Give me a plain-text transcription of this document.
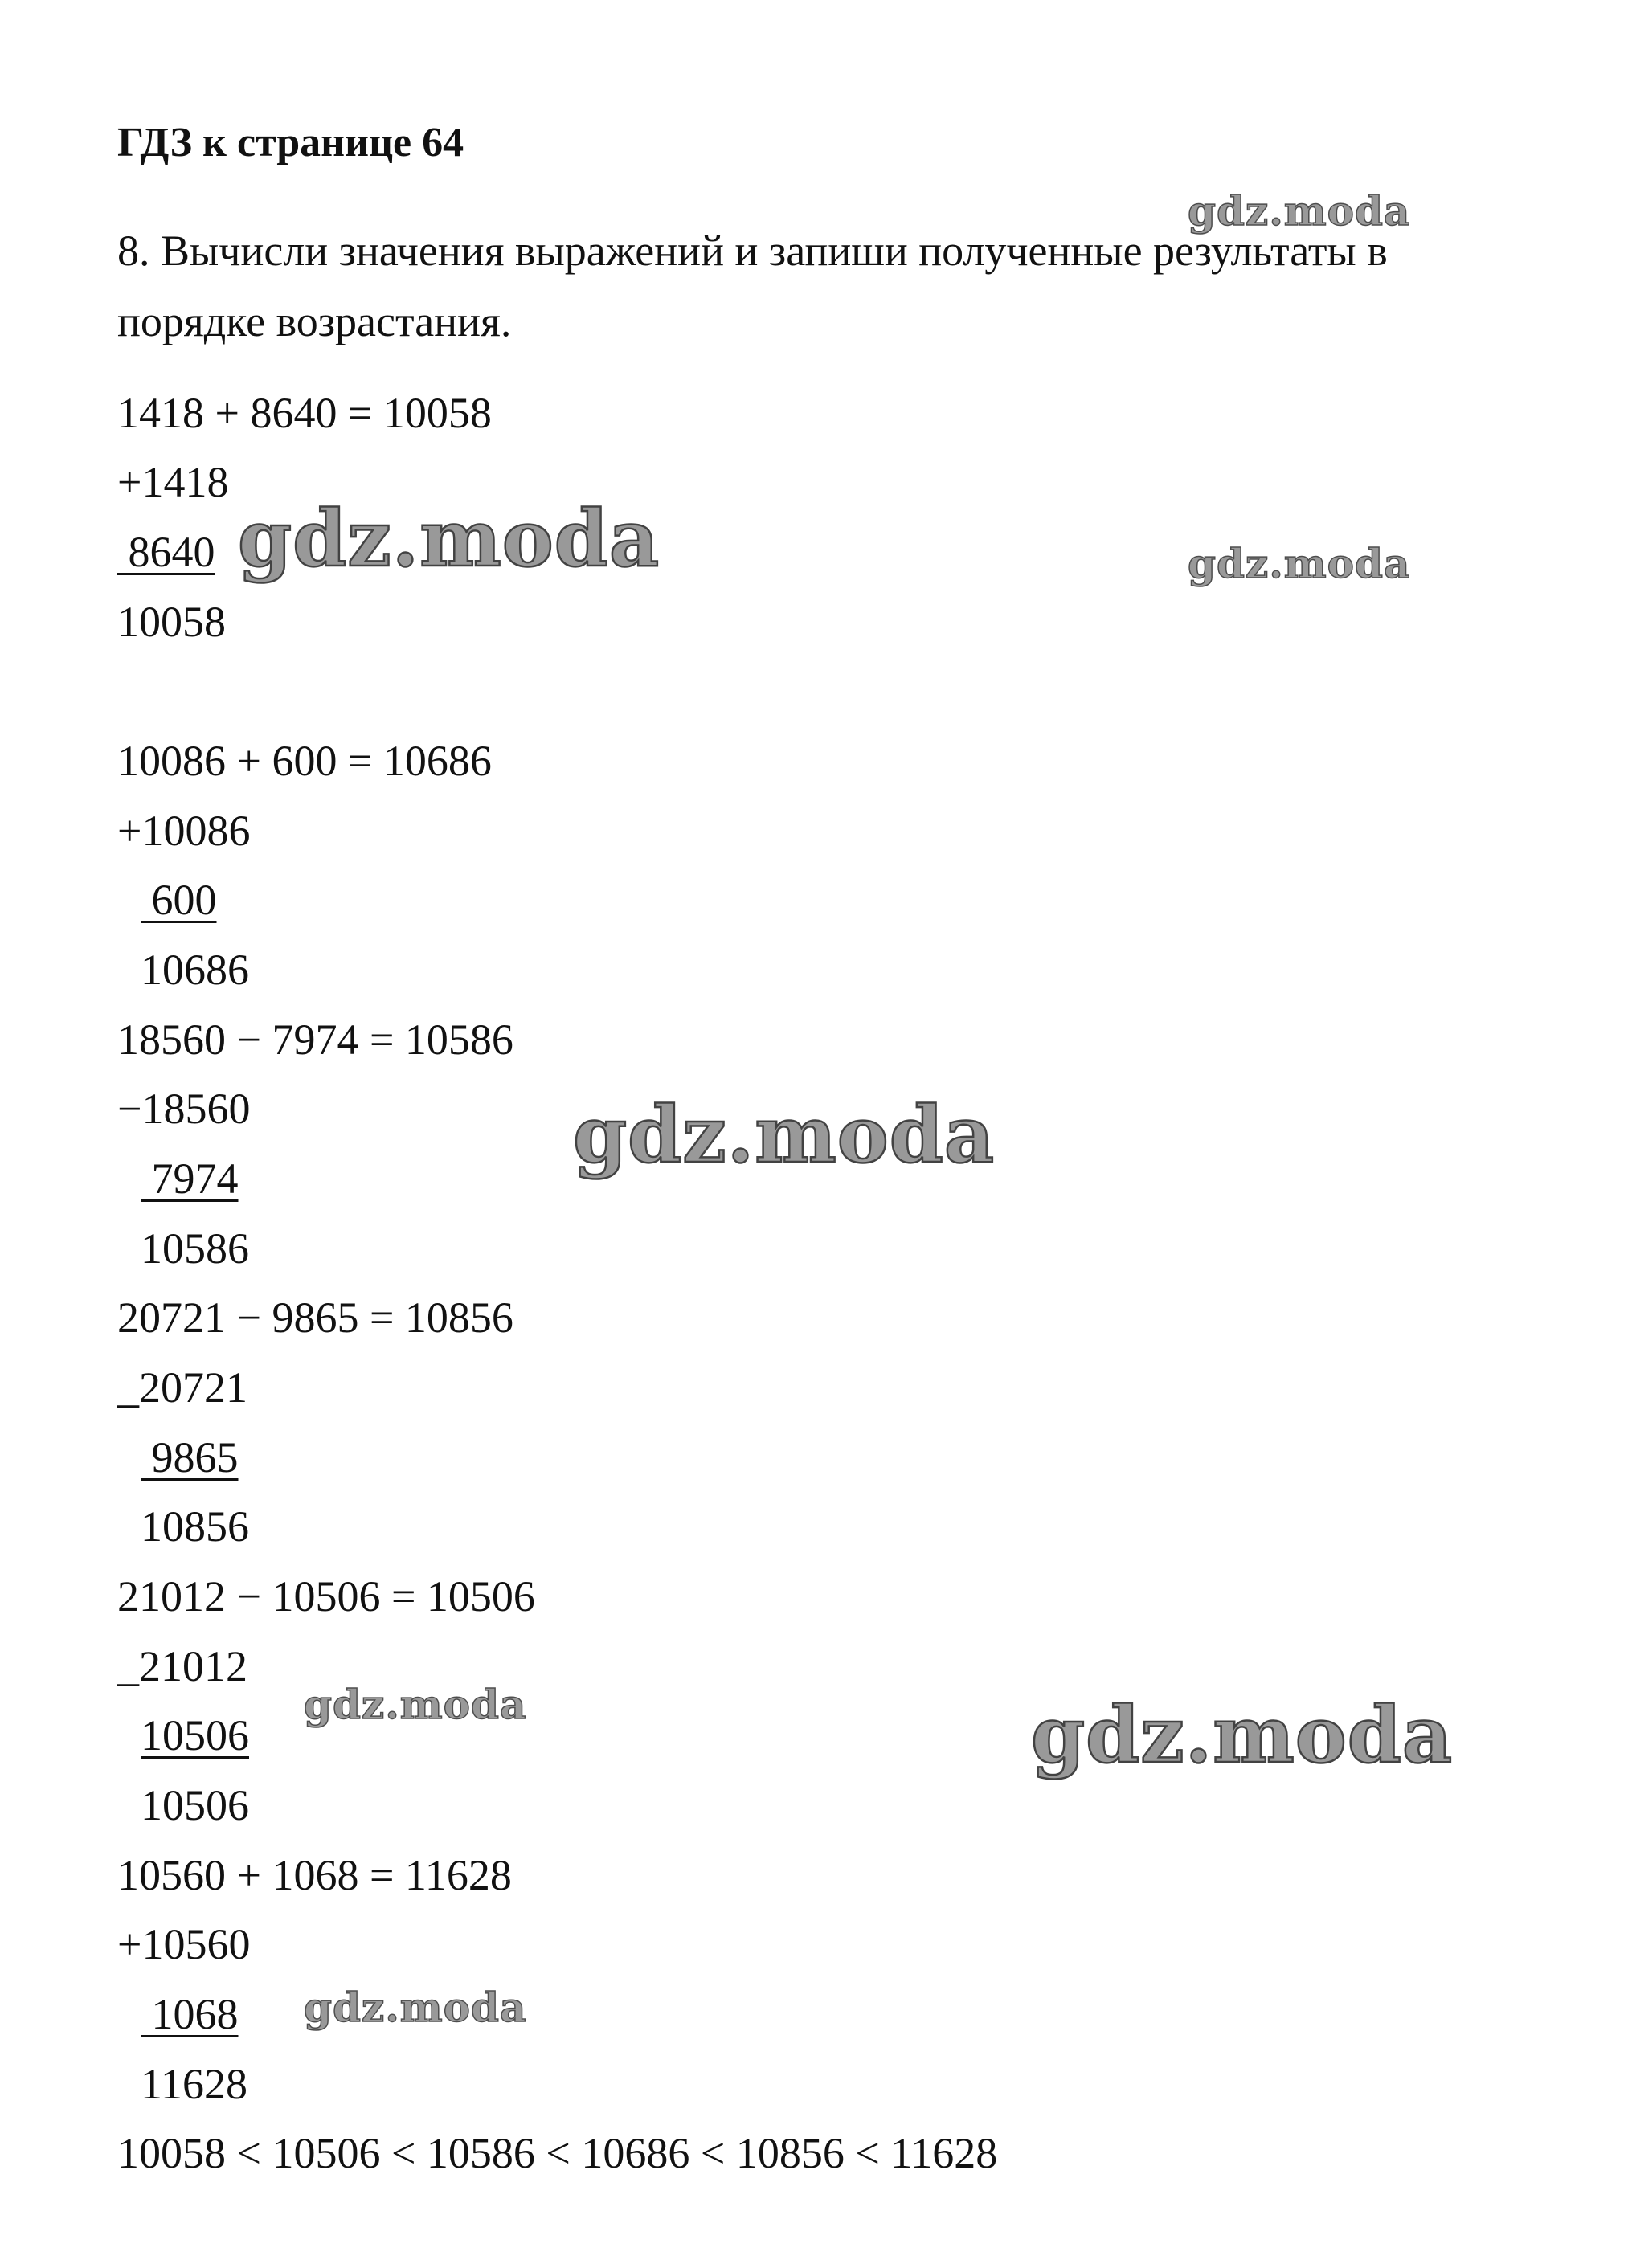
ГДЗ к странице 64
8. Вычисли значения выражений и запиши полученные результаты в
порядке возрастания.
1418 + 8640 = 10058
+1418
8640
10058
10086 + 600 = 10686
+10086
600
10686
18560 − 7974 = 10586
−18560
7974
10586
20721 − 9865 = 10856
_20721
9865
10856
21012 − 10506 = 10506
_21012
10506
10506
10560 + 1068 = 11628
+10560
1068
11628
10058 < 10506 < 10586 < 10686 < 10856 < 11628
gdz.moda
gdz.moda	gdz.moda
gdz.moda
gdz.moda	gdz.moda
gdz.moda
